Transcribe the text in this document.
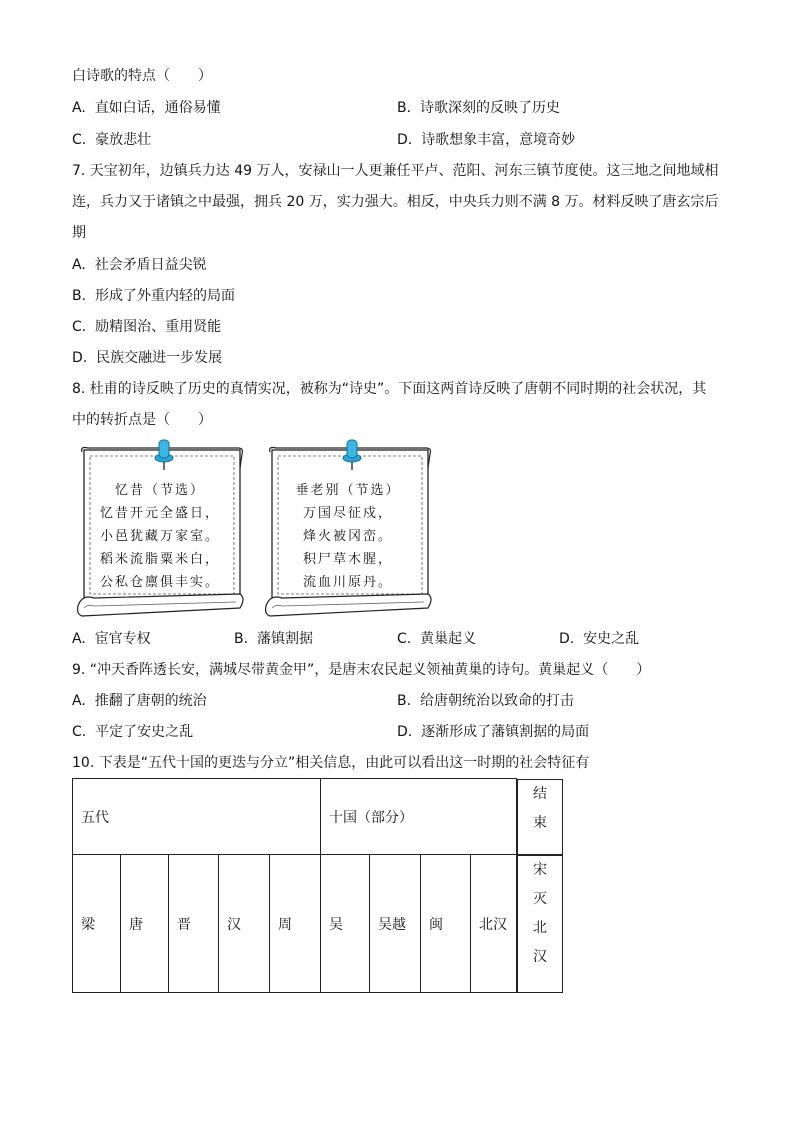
白诗歌的特点（　　）
A. 直如白话，通俗易懂	B. 诗歌深刻的反映了历史
C. 豪放悲壮	D. 诗歌想象丰富，意境奇妙
7. 天宝初年，边镇兵力达 49 万人，安禄山一人更兼任平卢、范阳、河东三镇节度使。这三地之间地域相
连，兵力又于诸镇之中最强，拥兵 20 万，实力强大。相反，中央兵力则不满 8 万。材料反映了唐玄宗后
期
A. 社会矛盾日益尖锐
B. 形成了外重内轻的局面
C. 励精图治、重用贤能
D. 民族交融进一步发展
8. 杜甫的诗反映了历史的真情实况，被称为“诗史”。下面这两首诗反映了唐朝不同时期的社会状况，其
中的转折点是（　　）
忆昔（节选）
忆昔开元全盛日，
小邑犹藏万家室。
稻米流脂粟米白，
公私仓廪俱丰实。
垂老别（节选）
万国尽征戍，
烽火被冈峦。
积尸草木腥，
流血川原丹。
A. 宦官专权	B. 藩镇割据	C. 黄巢起义	D. 安史之乱
9. “冲天香阵透长安，满城尽带黄金甲”，是唐末农民起义领袖黄巢的诗句。黄巢起义（　　）
A. 推翻了唐朝的统治	B. 给唐朝统治以致命的打击
C. 平定了安史之乱	D. 逐渐形成了藩镇割据的局面
10. 下表是“五代十国的更迭与分立”相关信息，由此可以看出这一时期的社会特征有
五代					十国（部分）	
结
束

梁	唐	晋	汉	周	吴	吴越	闽	北汉	
宋
灭
北
汉
